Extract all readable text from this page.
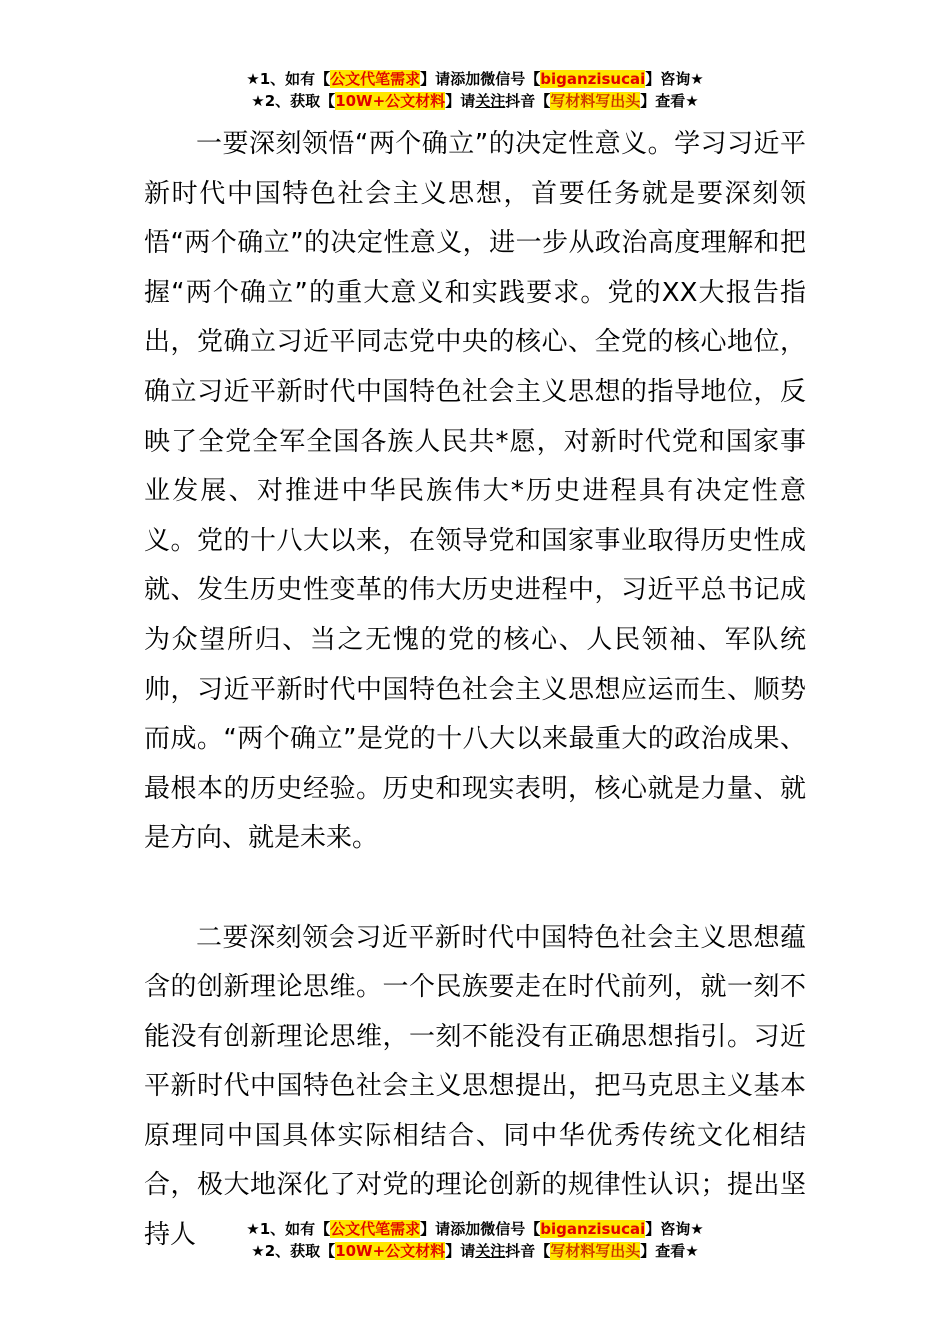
★1、如有【公文代笔需求】请添加微信号【biganzisucai】咨询★
★2、获取【10W+公文材料】请关注抖音【写材料写出头】查看★

一要深刻领悟“两个确立”的决定性意义。学习习近平新时代中国特色社会主义思想，首要任务就是要深刻领悟“两个确立”的决定性意义，进一步从政治高度理解和把握“两个确立”的重大意义和实践要求。党的XX大报告指出，党确立习近平同志党中央的核心、全党的核心地位，确立习近平新时代中国特色社会主义思想的指导地位，反映了全党全军全国各族人民共*愿，对新时代党和国家事业发展、对推进中华民族伟大*历史进程具有决定性意义。党的十八大以来，在领导党和国家事业取得历史性成就、发生历史性变革的伟大历史进程中，习近平总书记成为众望所归、当之无愧的党的核心、人民领袖、军队统帅，习近平新时代中国特色社会主义思想应运而生、顺势而成。“两个确立”是党的十八大以来最重大的政治成果、最根本的历史经验。历史和现实表明，核心就是力量、就是方向、就是未来。

二要深刻领会习近平新时代中国特色社会主义思想蕴含的创新理论思维。一个民族要走在时代前列，就一刻不能没有创新理论思维，一刻不能没有正确思想指引。习近平新时代中国特色社会主义思想提出，把马克思主义基本原理同中国具体实际相结合、同中华优秀传统文化相结合，极大地深化了对党的理论创新的规律性认识；提出坚持人	★1、如有【公文代笔需求】请添加微信号【biganzisucai】咨询★
★2、获取【10W+公文材料】请关注抖音【写材料写出头】查看★
